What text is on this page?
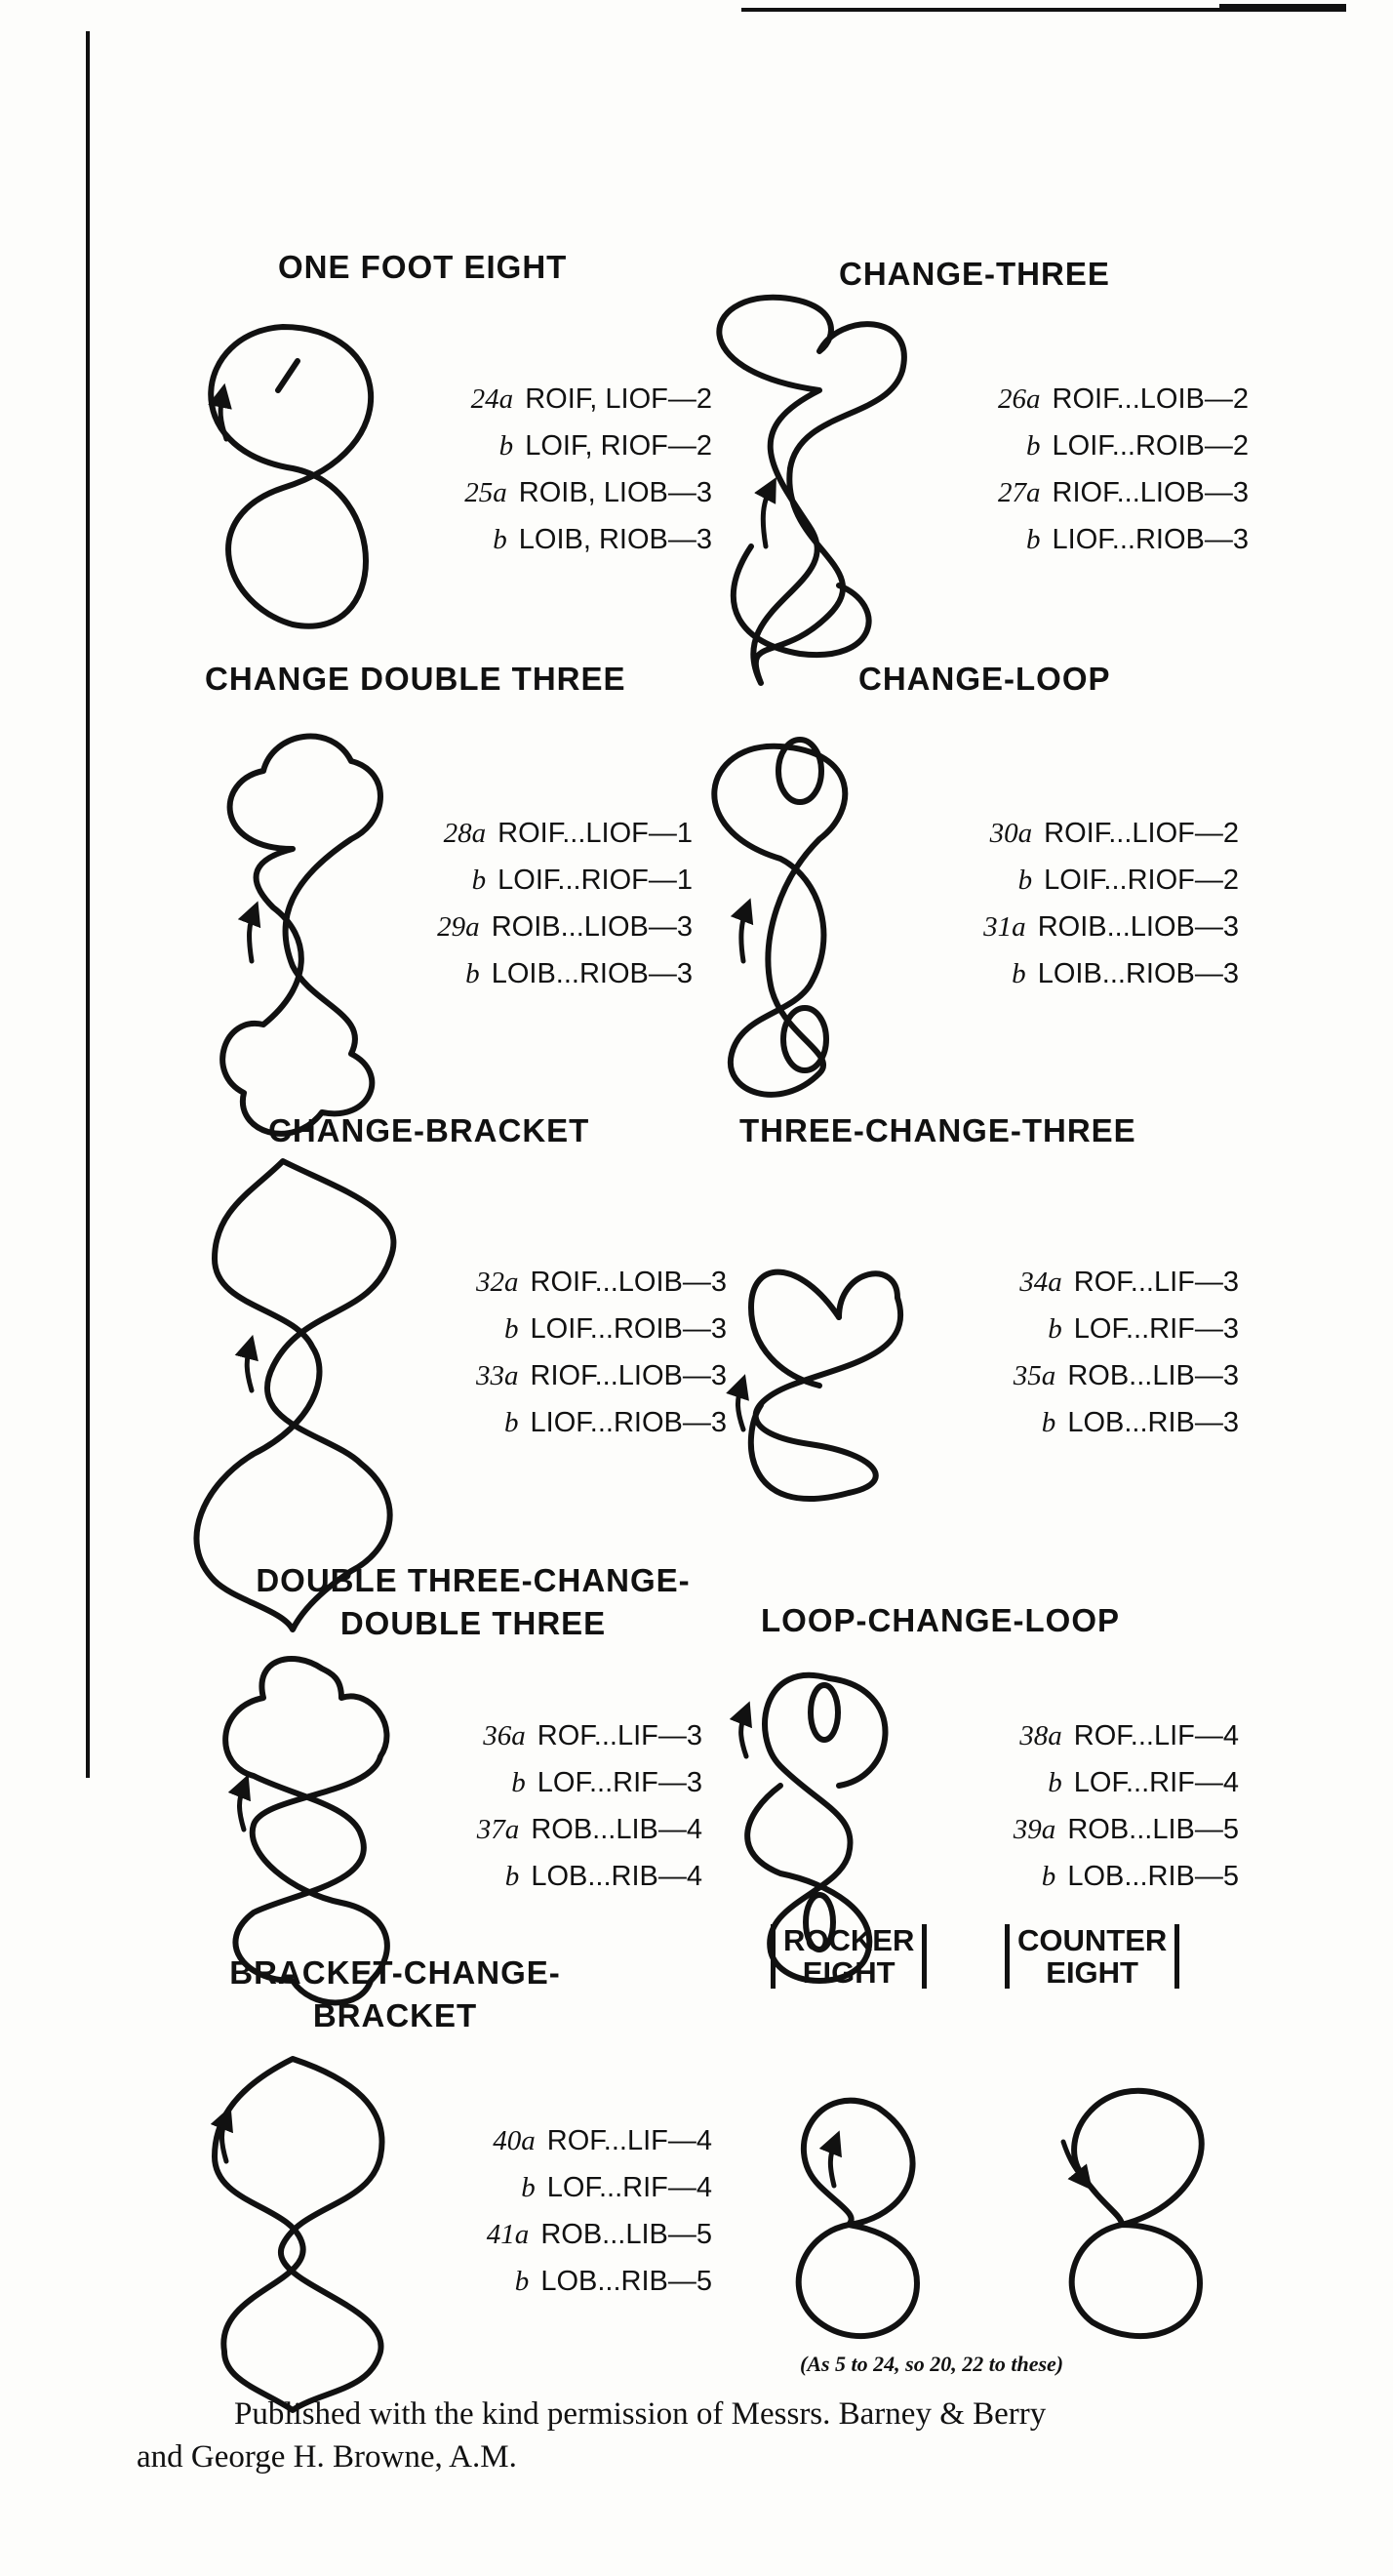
ONE FOOT EIGHT
24a ROIF, LIOF—2
b LOIF, RIOF—2
25a ROIB, LIOB—3
b LOIB, RIOB—3
CHANGE-THREE
26a ROIF...LOIB—2
b LOIF...ROIB—2
27a RIOF...LIOB—3
b LIOF...RIOB—3
CHANGE DOUBLE THREE
28a ROIF...LIOF—1
b LOIF...RIOF—1
29a ROIB...LIOB—3
b LOIB...RIOB—3
CHANGE-LOOP
30a ROIF...LIOF—2
b LOIF...RIOF—2
31a ROIB...LIOB—3
b LOIB...RIOB—3
CHANGE-BRACKET
32a ROIF...LOIB—3
b LOIF...ROIB—3
33a RIOF...LIOB—3
b LIOF...RIOB—3
THREE-CHANGE-THREE
34a ROF...LIF—3
b LOF...RIF—3
35a ROB...LIB—3
b LOB...RIB—3
DOUBLE THREE-CHANGE-
DOUBLE THREE
36a ROF...LIF—3
b LOF...RIF—3
37a ROB...LIB—4
b LOB...RIB—4
LOOP-CHANGE-LOOP
38a ROF...LIF—4
b LOF...RIF—4
39a ROB...LIB—5
b LOB...RIB—5
BRACKET-CHANGE-
BRACKET
40a ROF...LIF—4
b LOF...RIF—4
41a ROB...LIB—5
b LOB...RIB—5
ROCKER
EIGHT
COUNTER
EIGHT
(As 5 to 24, so 20, 22 to these)

Published with the kind permission of Messrs. Barney & Berry

and George H. Browne, A.M.
